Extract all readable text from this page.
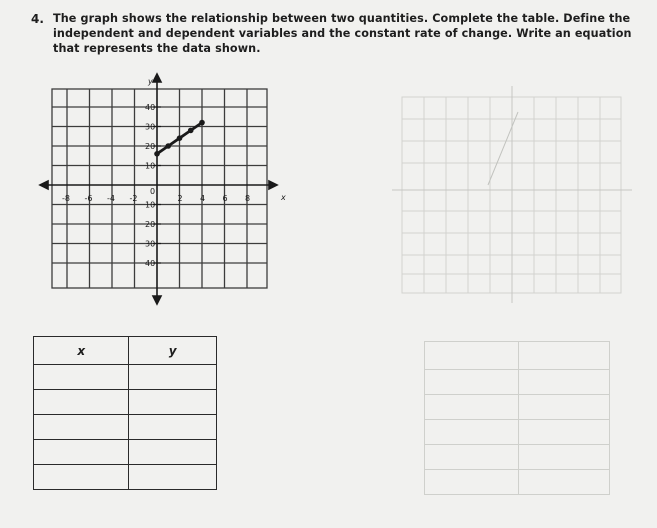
4. The graph shows the relationship between two quantities. Complete the table. Define the
independent and dependent variables and the constant rate of change. Write an equation
that represents the data shown.
x
y
0
-8 -6 -4 -2	2 4 6 8
40
30
20
10
10
20
30
40
x	y
